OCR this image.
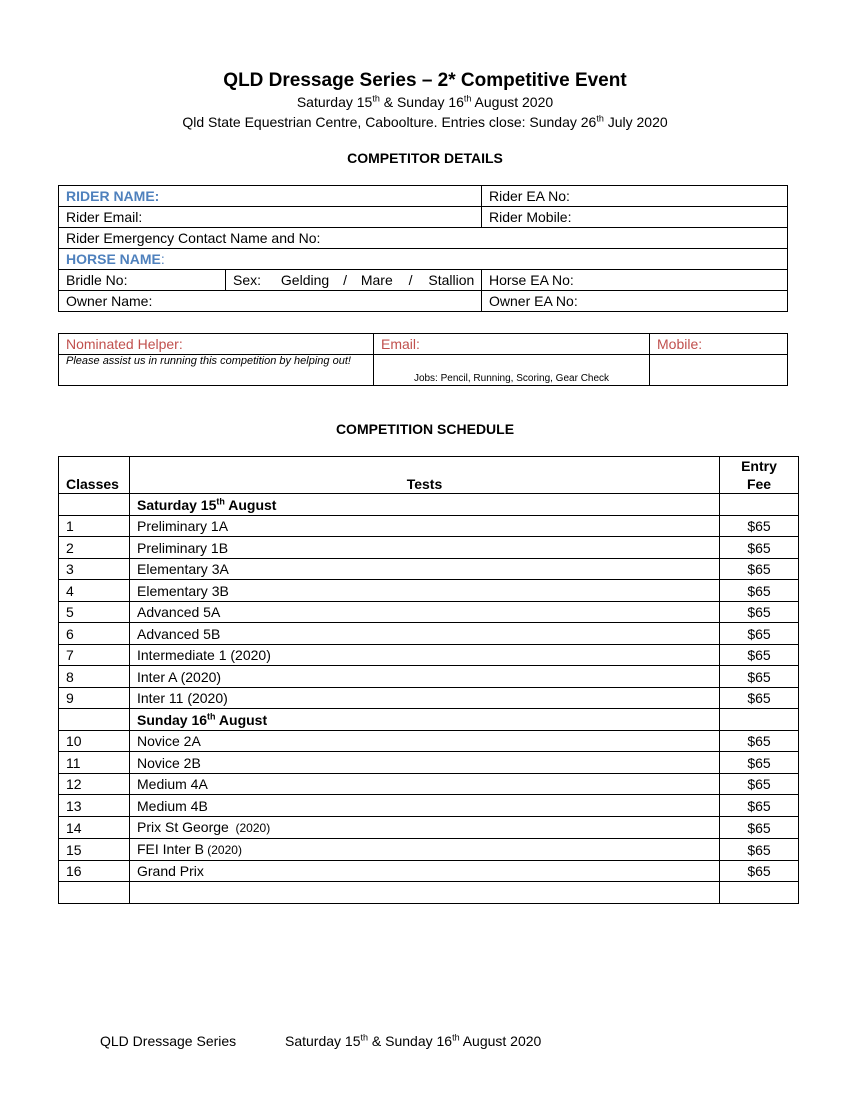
QLD Dressage Series – 2* Competitive Event
Saturday 15th & Sunday 16th August 2020
Qld State Equestrian Centre, Caboolture. Entries close: Sunday 26th July 2020
COMPETITOR DETAILS
RIDER NAME:		Rider EA No:
Rider Email:		Rider Mobile:
Rider Emergency Contact Name and No:		
HORSE NAME:		
Bridle No:	Sex: Gelding / Mare / Stallion	Horse EA No:
Owner Name:		Owner EA No:
Nominated Helper:	Email:	Mobile:
Please assist us in running this competition by helping out!	Jobs: Pencil, Running, Scoring, Gear Check	
COMPETITION SCHEDULE
Classes	Tests	Entry
Fee
	Saturday 15th August	
1	Preliminary 1A	$65
2	Preliminary 1B	$65
3	Elementary 3A	$65
4	Elementary 3B	$65
5	Advanced 5A	$65
6	Advanced 5B	$65
7	Intermediate 1 (2020)	$65
8	Inter A (2020)	$65
9	Inter 11 (2020)	$65
	Sunday 16th August	
10	Novice 2A	$65
11	Novice 2B	$65
12	Medium 4A	$65
13	Medium 4B	$65
14	Prix St George  (2020)	$65
15	FEI Inter B (2020)	$65
16	Grand Prix	$65

QLD Dressage Series	Saturday 15th & Sunday 16th August 2020
